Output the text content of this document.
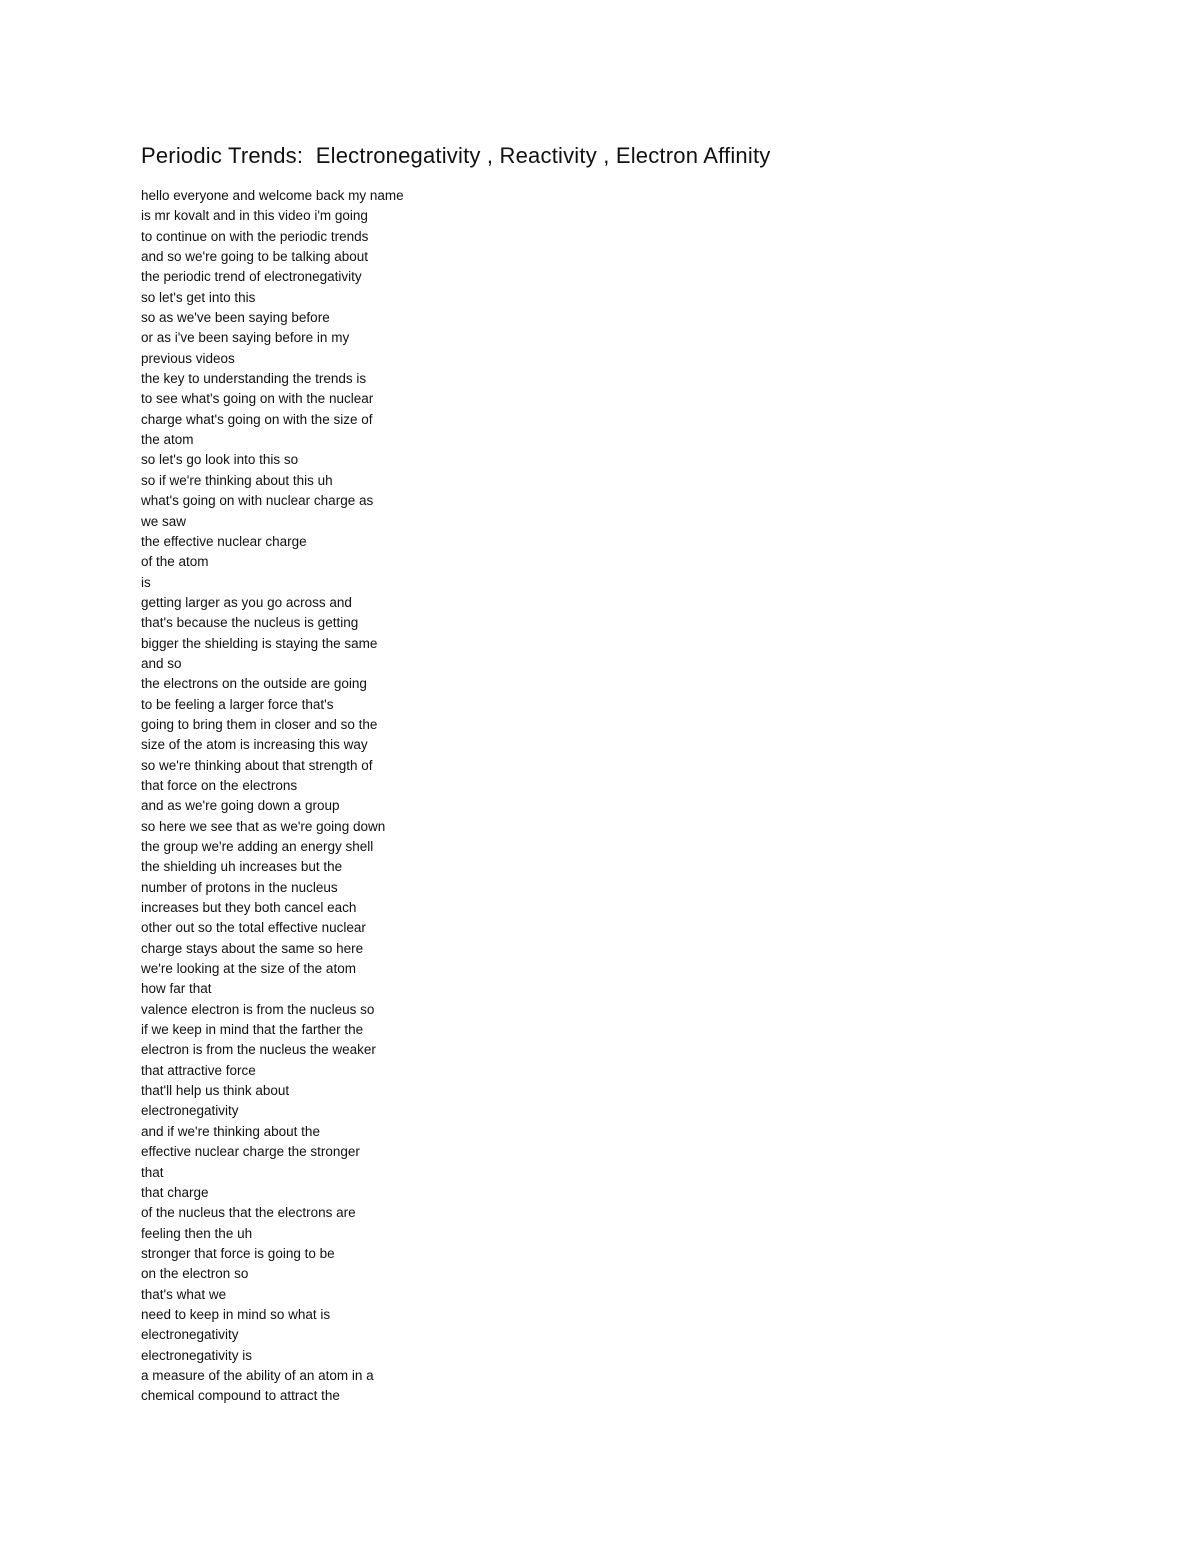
Periodic Trends:  Electronegativity , Reactivity , Electron Affinity
hello everyone and welcome back my name
is mr kovalt and in this video i'm going
to continue on with the periodic trends
and so we're going to be talking about
the periodic trend of electronegativity
so let's get into this
so as we've been saying before
or as i've been saying before in my
previous videos
the key to understanding the trends is
to see what's going on with the nuclear
charge what's going on with the size of
the atom
so let's go look into this so
so if we're thinking about this uh
what's going on with nuclear charge as
we saw
the effective nuclear charge
of the atom
is
getting larger as you go across and
that's because the nucleus is getting
bigger the shielding is staying the same
and so
the electrons on the outside are going
to be feeling a larger force that's
going to bring them in closer and so the
size of the atom is increasing this way
so we're thinking about that strength of
that force on the electrons
and as we're going down a group
so here we see that as we're going down
the group we're adding an energy shell
the shielding uh increases but the
number of protons in the nucleus
increases but they both cancel each
other out so the total effective nuclear
charge stays about the same so here
we're looking at the size of the atom
how far that
valence electron is from the nucleus so
if we keep in mind that the farther the
electron is from the nucleus the weaker
that attractive force
that'll help us think about
electronegativity
and if we're thinking about the
effective nuclear charge the stronger
that
that charge
of the nucleus that the electrons are
feeling then the uh
stronger that force is going to be
on the electron so
that's what we
need to keep in mind so what is
electronegativity
electronegativity is
a measure of the ability of an atom in a
chemical compound to attract the
